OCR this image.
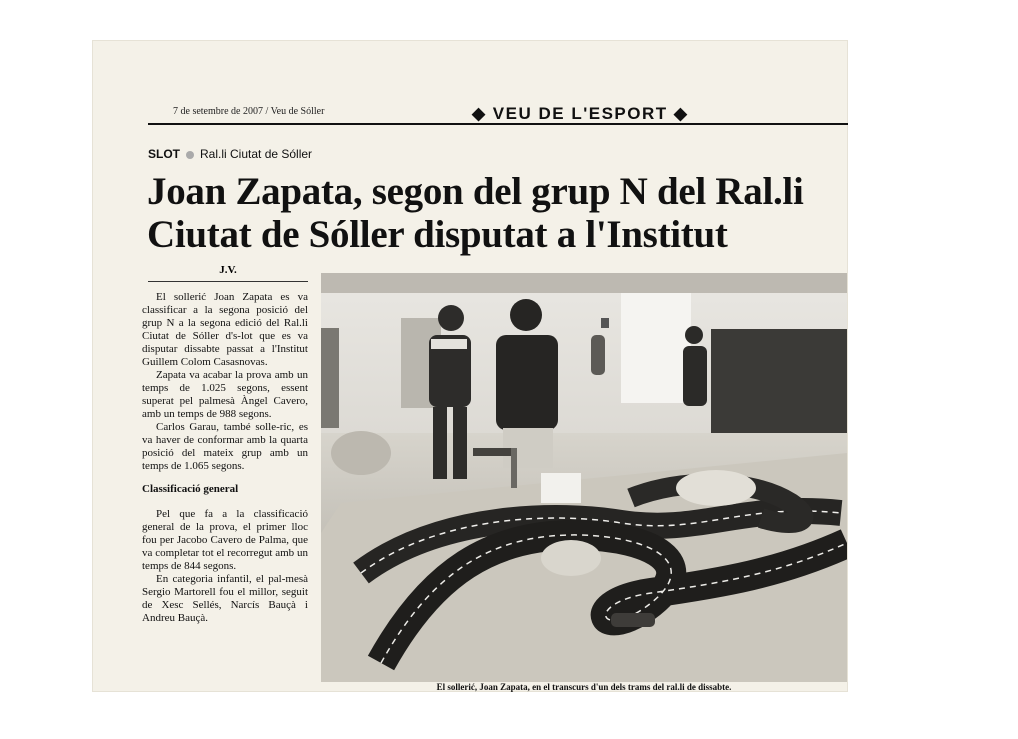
7 de setembre de 2007 / Veu de Sóller	◆ VEU DE L'ESPORT ◆
SLOT Ral.li Ciutat de Sóller
Joan Zapata, segon del grup N del Ral.li Ciutat de Sóller disputat a l'Institut
J.V.

El sollerić Joan Zapata es va classificar a la segona posició del grup N a la segona edició del Ral.li Ciutat de Sóller d's-lot que es va disputar dissabte passat a l'Institut Guillem Colom Casasnovas.

Zapata va acabar la prova amb un temps de 1.025 segons, essent superat pel palmesà Àngel Cavero, amb un temps de 988 segons.

Carlos Garau, també solle-ric, es va haver de conformar amb la quarta posició del mateix grup amb un temps de 1.065 segons.

Classificació general

Pel que fa a la classificació general de la prova, el primer lloc fou per Jacobo Cavero de Palma, que va completar tot el recorregut amb un temps de 844 segons.

En categoria infantil, el pal-mesà Sergio Martorell fou el millor, seguit de Xesc Sellés, Narcís Bauçà i Andreu Bauçà.

El sollerić, Joan Zapata, en el transcurs d'un dels trams del ral.li de dissabte.
